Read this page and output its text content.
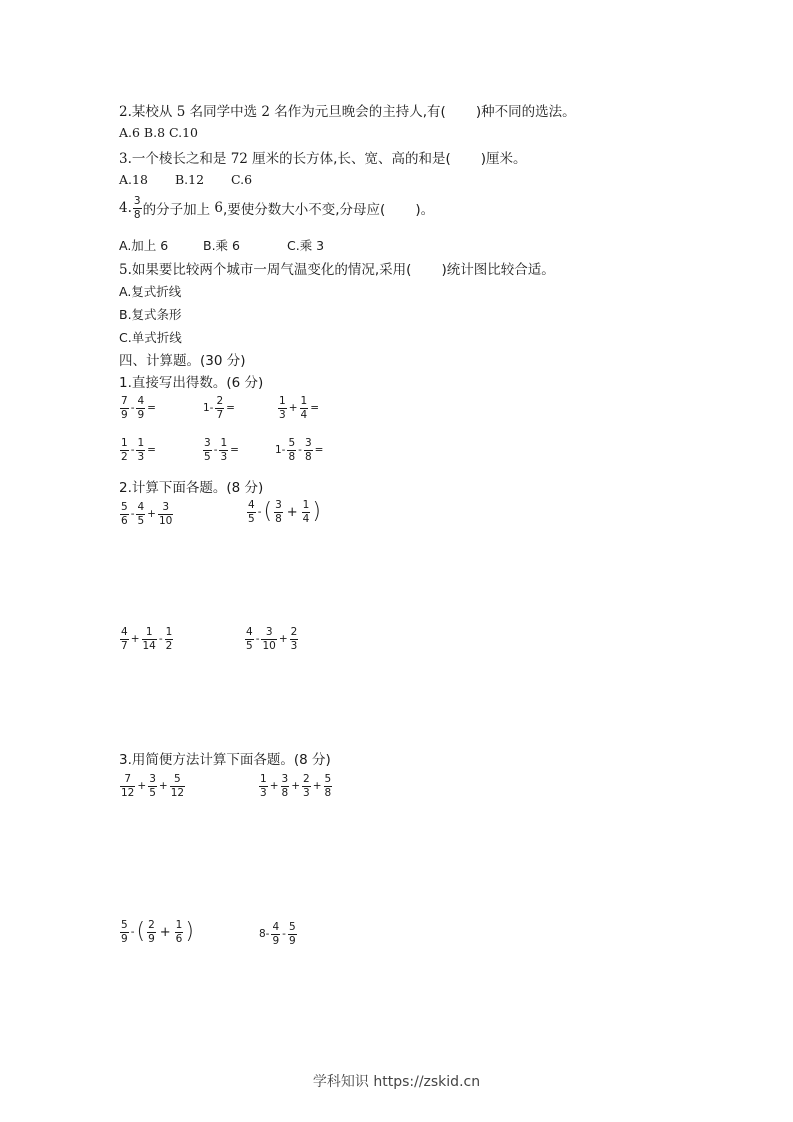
2.某校从 5 名同学中选 2 名作为元旦晚会的主持人,有( )种不同的选法。
A.6 B.8 C.10
3.一个棱长之和是 72 厘米的长方体,长、宽、高的和是( )厘米。
A.18 B.12 C.6
4. $\frac{3}{8}$ 的分子加上
6 ,要使分数大小不变,分母应( )。
A.加上 6	B.乘 6	C.乘 3
5.如果要比较两个城市一周气温变化的情况,采用( )统计图比较合适。
A.复式折线
B.复式条形
C.单式折线
四、计算题。(30 分)
1.直接写出得数。(6 分)
$\frac{7}{9} - \frac{4}{9}$ =	$1- \frac{2}{7}$ =	$\frac{1}{3} + \frac{1}{4}$ =
$\frac{1}{2} - \frac{1}{3}$ =	$\frac{3}{5} - \frac{1}{3}$ =	$1- \frac{5}{8} - \frac{3}{8}$ =
2.计算下面各题。(8 分)
$\frac{5}{6} - \frac{4}{5} + \frac{3}{10}$	$\frac{4}{5}$ - ( $\frac{3}{8} + \frac{1}{4}$ )
$\frac{4}{7} + \frac{1}{14} - \frac{1}{2}$	$\frac{4}{5} - \frac{3}{10} + \frac{2}{3}$
3.用简便方法计算下面各题。(8 分)
$\frac{7}{12} + \frac{3}{5} + \frac{5}{12}$	$\frac{1}{3} + \frac{3}{8} + \frac{2}{3} + \frac{5}{8}$
$\frac{5}{9}$ - ( $\frac{2}{9} + \frac{1}{6}$ )	$8- \frac{4}{9} - \frac{5}{9}$
学科知识 https://zskid.cn
